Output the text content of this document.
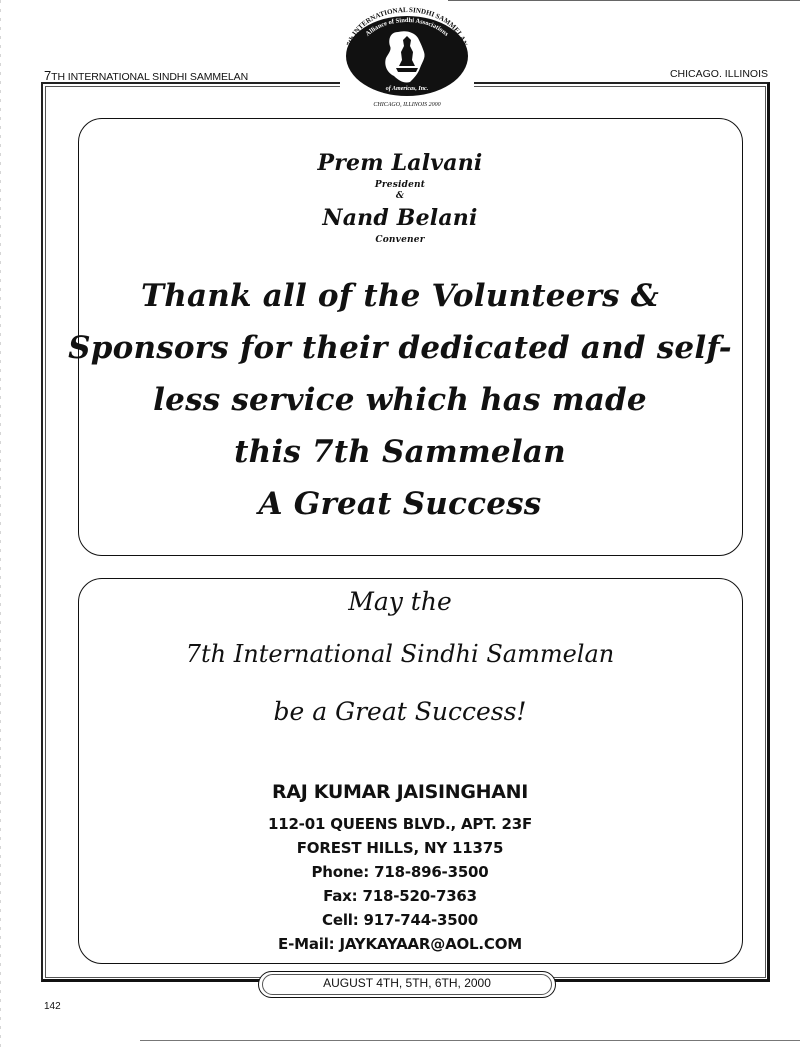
7TH INTERNATIONAL SINDHI SAMMELAN	CHICAGO. ILLINOIS
7th INTERNATIONAL SINDHI SAMMELAN
Alliance of Sindhi Associations
of Americas, Inc.
CHICAGO, ILLINOIS 2000
Prem Lalvani
President
&
Nand Belani
Convener
Thank all of the Volunteers &
Sponsors for their dedicated and self-
less service which has made
this 7th Sammelan
A Great Success
May the
7th International Sindhi Sammelan
be a Great Success!
RAJ KUMAR JAISINGHANI
112-01 QUEENS BLVD., APT. 23F
FOREST HILLS, NY 11375
Phone: 718-896-3500
Fax: 718-520-7363
Cell: 917-744-3500
E-Mail: JAYKAYAAR@AOL.COM
AUGUST 4TH, 5TH, 6TH, 2000
142
